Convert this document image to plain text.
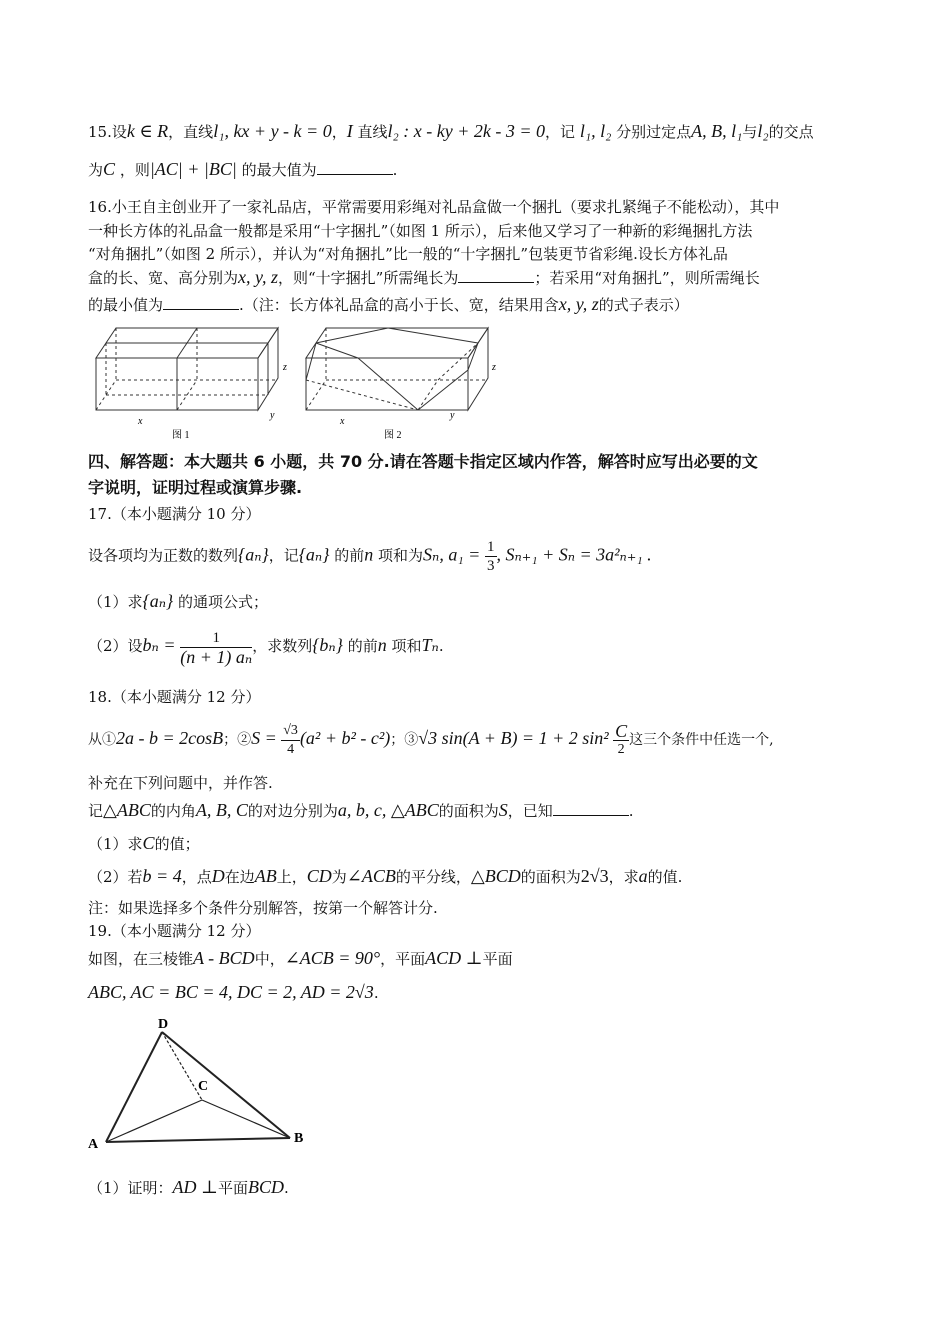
15.设k ∈ R，直线l₁, kx + y - k = 0，I 直线l₂ : x - ky + 2k - 3 = 0，记 l₁, l₂ 分别过定点A, B, l₁与l₂的交点
为C ，则|AC| + |BC| 的最大值为	.
16.小王自主创业开了一家礼品店，平常需要用彩绳对礼品盒做一个捆扎（要求扎紧绳子不能松动），其中
一种长方体的礼品盒一般都是采用“十字捆扎”（如图 1 所示），后来他又学习了一种新的彩绳捆扎方法
“对角捆扎”（如图 2 所示），并认为“对角捆扎”比一般的“十字捆扎”包装更节省彩绳.设长方体礼品
盒的长、宽、高分别为x, y, z，则“十字捆扎”所需绳长为	；若采用“对角捆扎”，则所需绳长
的最小值为	.（注：长方体礼品盒的高小于长、宽，结果用含x, y, z的式子表示）
x
y
z
图 1
x
y
z
图 2
四、解答题：本大题共 6 小题，共 70 分.请在答题卡指定区域内作答，解答时应写出必要的文
字说明，证明过程或演算步骤.
17.（本小题满分 10 分）
设各项均为正数的数列{aₙ}，记{aₙ} 的前n 项和为Sₙ, $a_1 = \frac{1}{3}$ , Sₙ₊₁ + Sₙ = 3a²ₙ₊₁ .
（1）求{aₙ} 的通项公式；
（2）设$b_n = \frac{1}{\text{(n + 1) aₙ}}$ ，求数列{bₙ} 的前n 项和Tₙ.
18.（本小题满分 12 分）
从①2a - b = 2cosB；②S = $\frac{√3}{4} (a^2 + b^2 - c^2)$；③√3 sin(A + B) = 1 + 2 $\sin^2 \frac{C}{2}$ 这三个条件中任选一个,
补充在下列问题中，并作答.
记△ABC的内角A, B, C的对边分别为a, b, c, △ABC的面积为S，已知	.
（1）求C的值；
（2）若b = 4，点D在边AB上，CD为∠ACB的平分线，△BCD的面积为2√3，求a的值.
注：如果选择多个条件分别解答，按第一个解答计分.
19.（本小题满分 12 分）
如图，在三棱锥A - BCD中，∠ACB = 90°，平面ACD ⊥平面
ABC, AC = BC = 4, DC = 2, AD = 2√3.
D
C
A	B
（1）证明：AD ⊥平面BCD.
